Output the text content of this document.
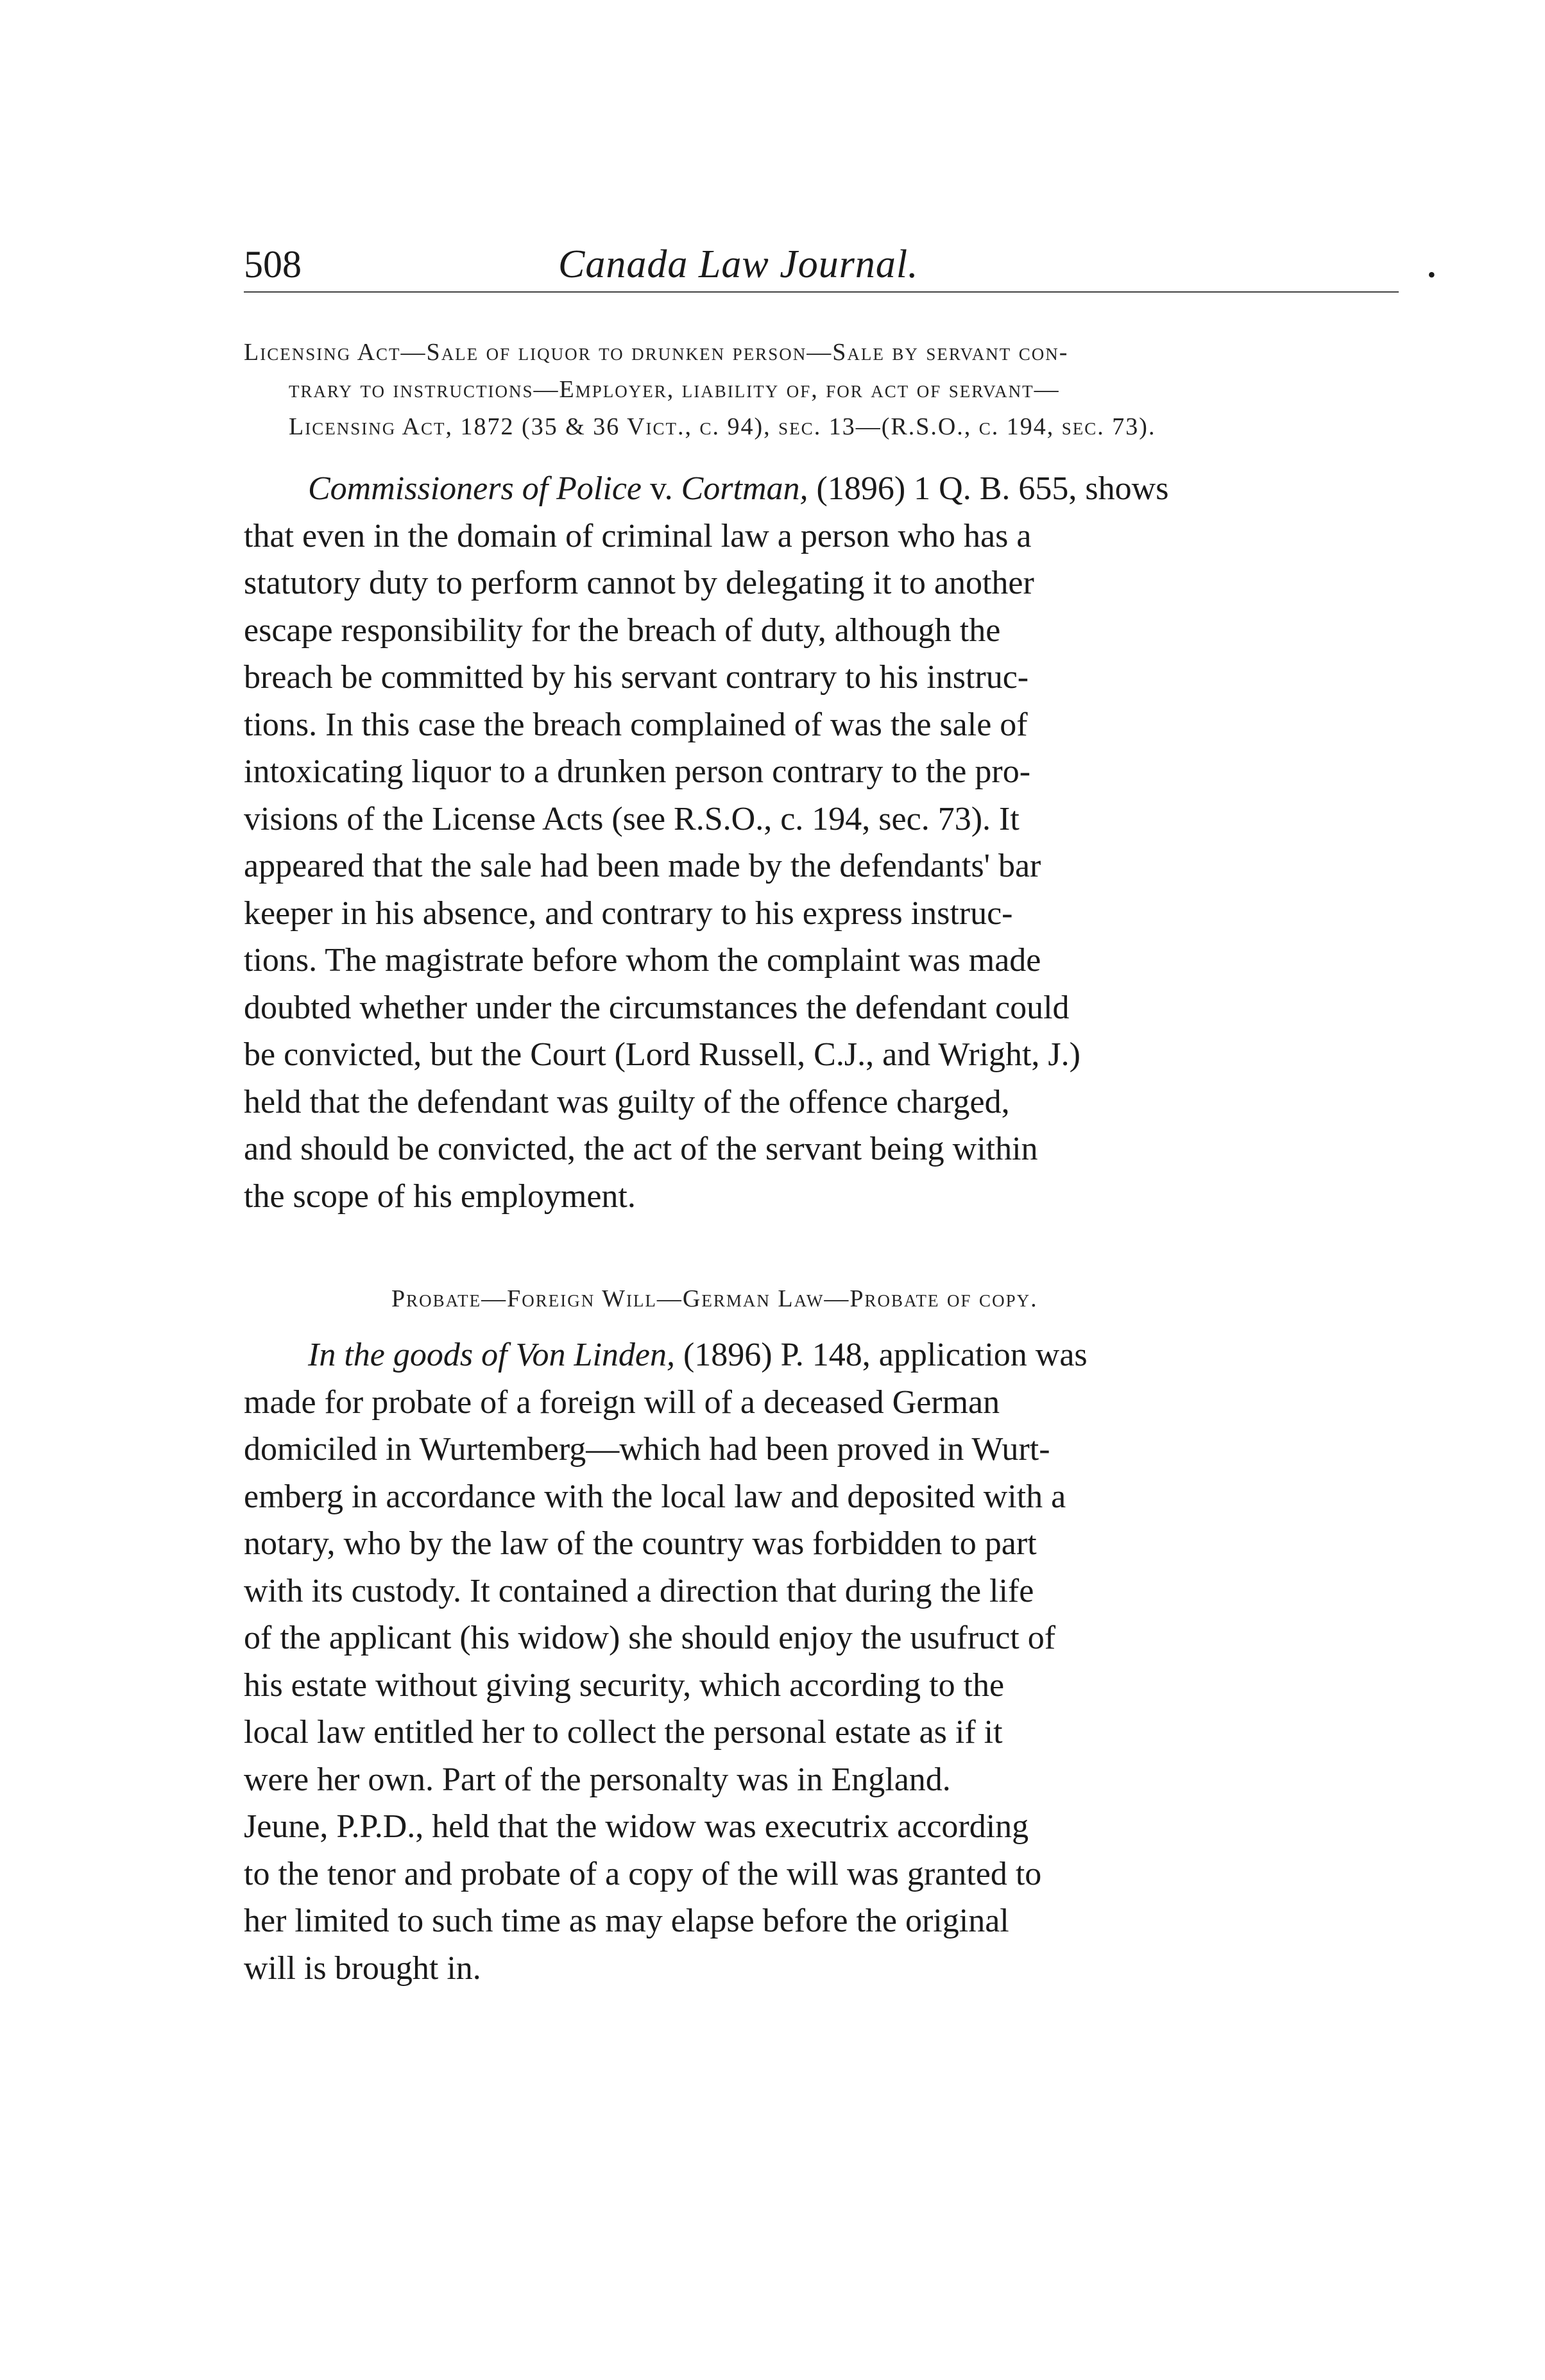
508	Canada Law Journal.	•
Licensing Act—Sale of liquor to drunken person—Sale by servant con-
trary to instructions—Employer, liability of, for act of servant—
Licensing Act, 1872 (35 & 36 Vict., c. 94), sec. 13—(R.S.O., c. 194, sec. 73).
Commissioners of Police v. Cortman, (1896) 1 Q. B. 655, shows
that even in the domain of criminal law a person who has a
statutory duty to perform cannot by delegating it to another
escape responsibility for the breach of duty, although the
breach be committed by his servant contrary to his instruc-
tions. In this case the breach complained of was the sale of
intoxicating liquor to a drunken person contrary to the pro-
visions of the License Acts (see R.S.O., c. 194, sec. 73). It
appeared that the sale had been made by the defendants' bar
keeper in his absence, and contrary to his express instruc-
tions. The magistrate before whom the complaint was made
doubted whether under the circumstances the defendant could
be convicted, but the Court (Lord Russell, C.J., and Wright, J.)
held that the defendant was guilty of the offence charged,
and should be convicted, the act of the servant being within
the scope of his employment.
Probate—Foreign Will—German Law—Probate of copy.
In the goods of Von Linden, (1896) P. 148, application was
made for probate of a foreign will of a deceased German
domiciled in Wurtemberg—which had been proved in Wurt-
emberg in accordance with the local law and deposited with a
notary, who by the law of the country was forbidden to part
with its custody. It contained a direction that during the life
of the applicant (his widow) she should enjoy the usufruct of
his estate without giving security, which according to the
local law entitled her to collect the personal estate as if it
were her own. Part of the personalty was in England.
Jeune, P.P.D., held that the widow was executrix according
to the tenor and probate of a copy of the will was granted to
her limited to such time as may elapse before the original
will is brought in.
